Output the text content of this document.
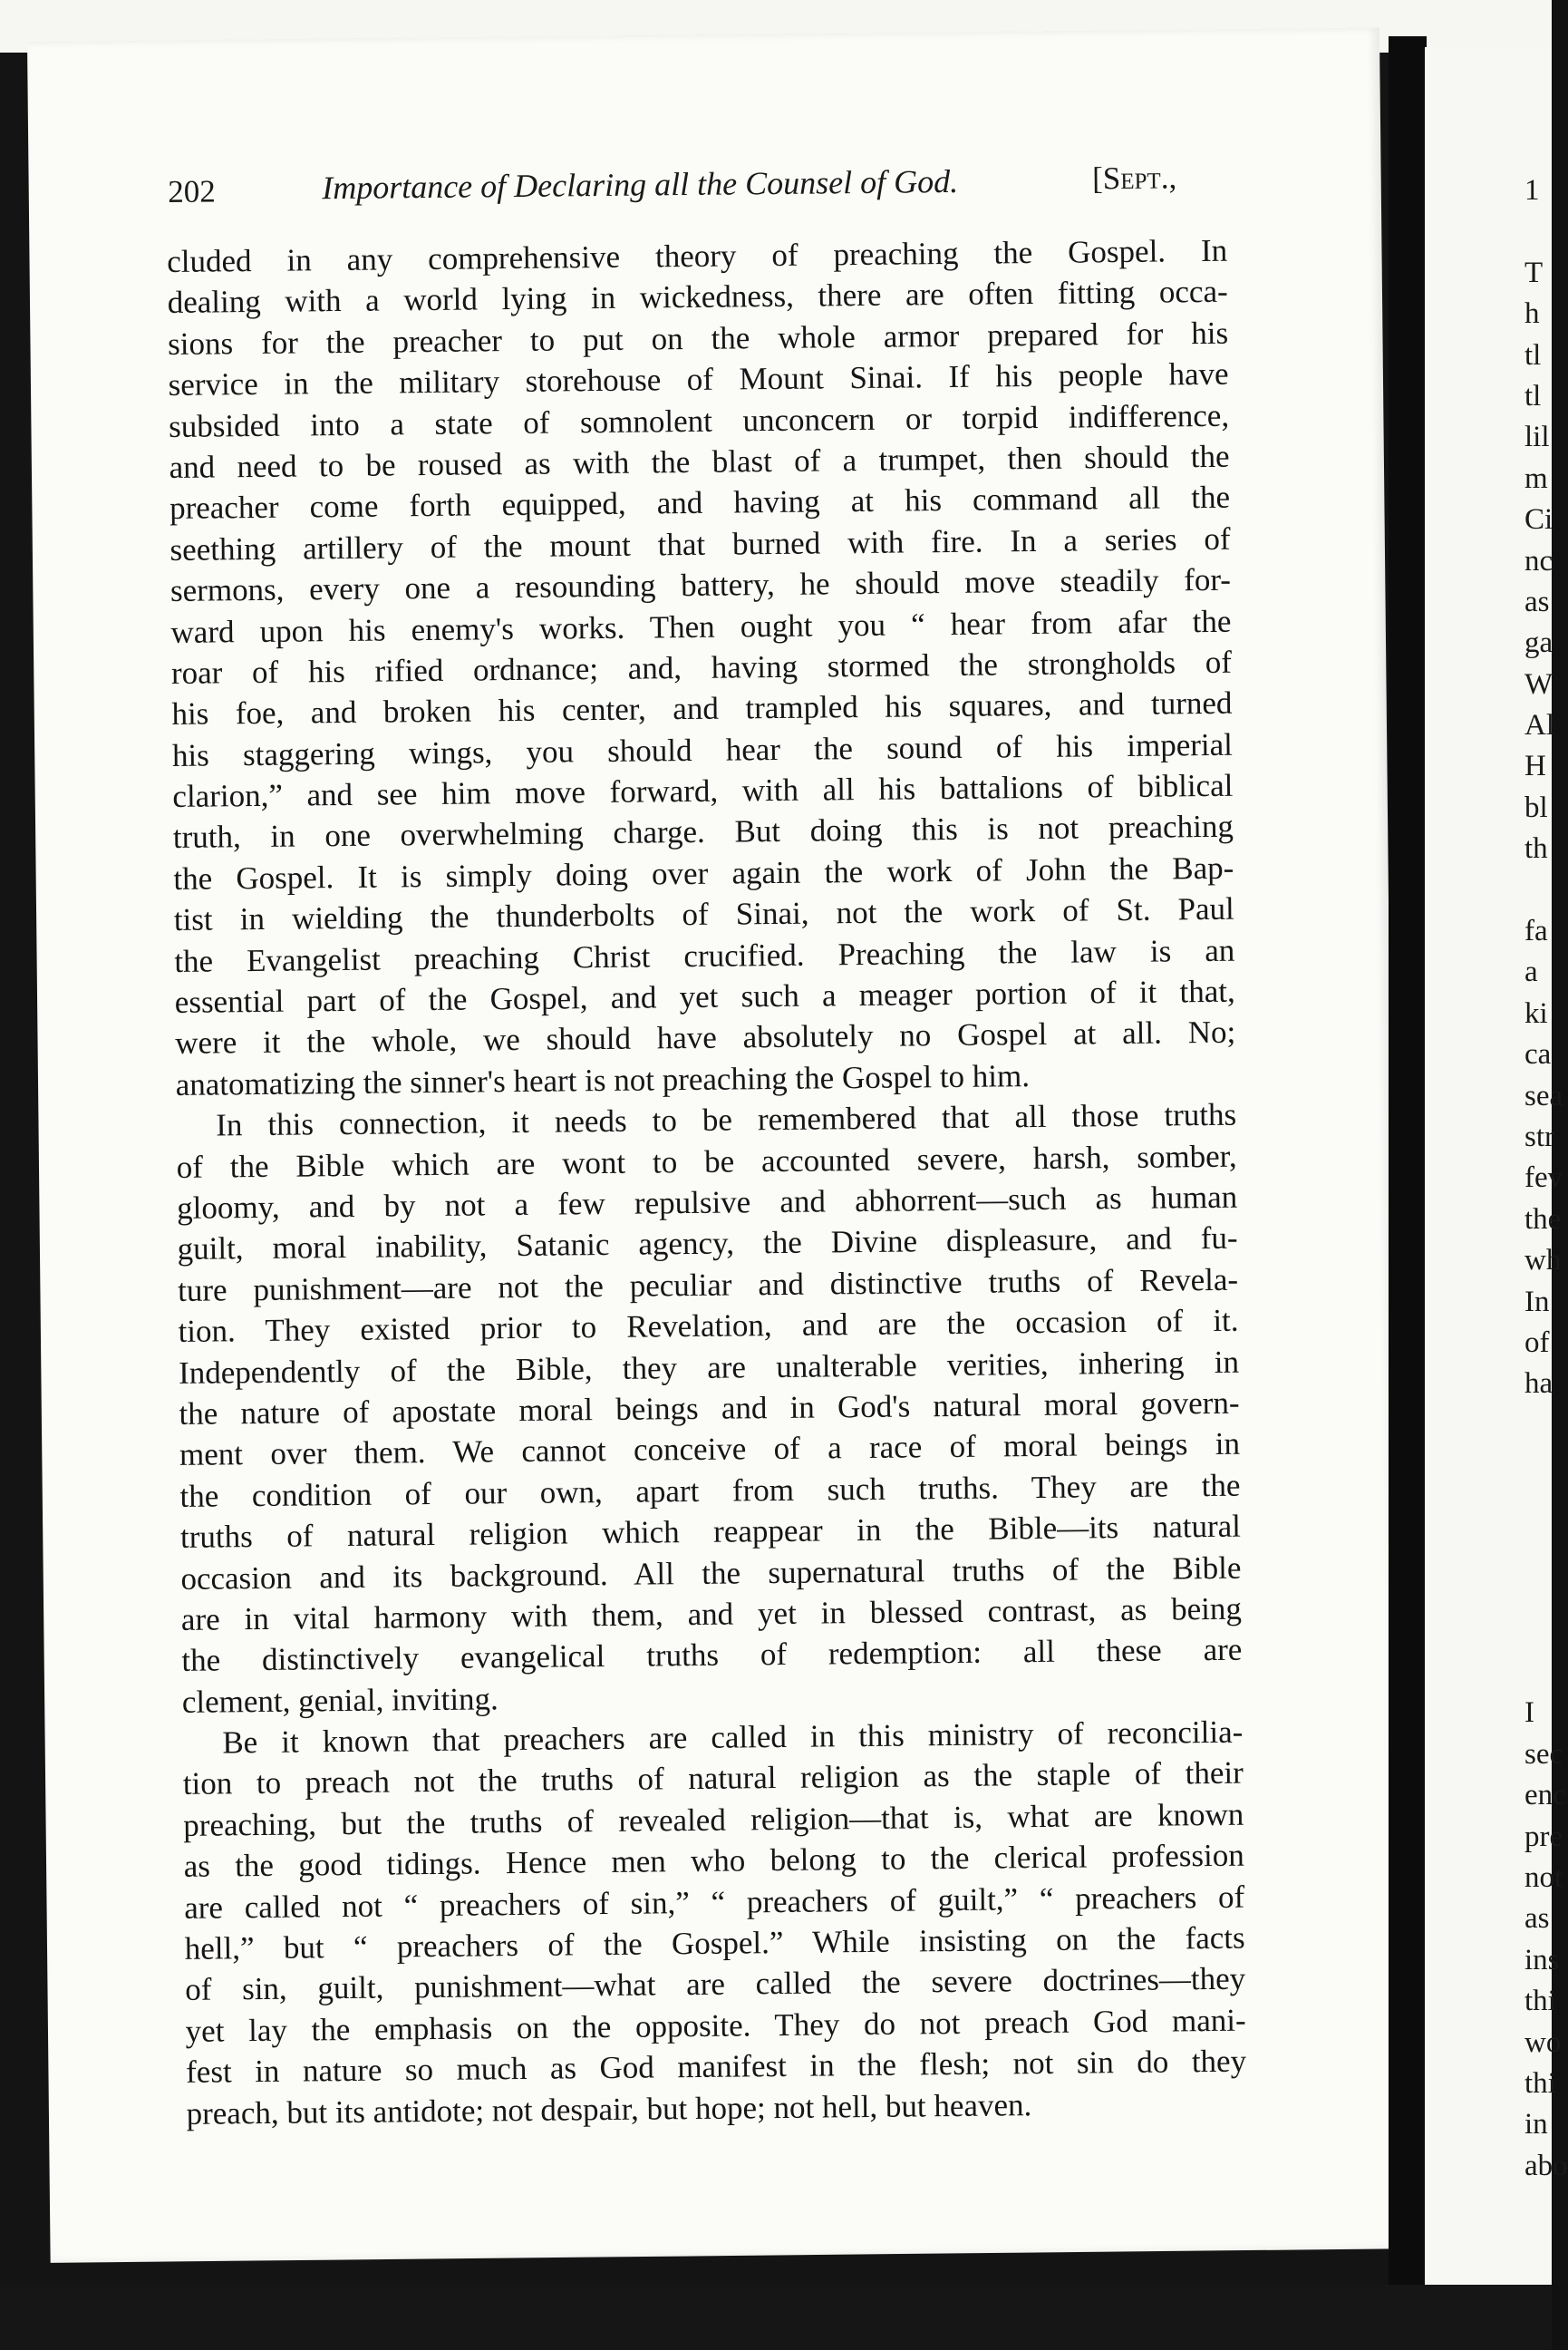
202	Importance of Declaring all the Counsel of God.	[Sept.,
cluded in any comprehensive theory of preaching the Gospel. In
dealing with a world lying in wickedness, there are often fitting occa-
sions for the preacher to put on the whole armor prepared for his
service in the military storehouse of Mount Sinai. If his people have
subsided into a state of somnolent unconcern or torpid indifference,
and need to be roused as with the blast of a trumpet, then should the
preacher come forth equipped, and having at his command all the
seething artillery of the mount that burned with fire. In a series of
sermons, every one a resounding battery, he should move steadily for-
ward upon his enemy's works. Then ought you “ hear from afar the
roar of his rified ordnance; and, having stormed the strongholds of
his foe, and broken his center, and trampled his squares, and turned
his staggering wings, you should hear the sound of his imperial
clarion,” and see him move forward, with all his battalions of biblical
truth, in one overwhelming charge. But doing this is not preaching
the Gospel. It is simply doing over again the work of John the Bap-
tist in wielding the thunderbolts of Sinai, not the work of St. Paul
the Evangelist preaching Christ crucified. Preaching the law is an
essential part of the Gospel, and yet such a meager portion of it that,
were it the whole, we should have absolutely no Gospel at all. No;
anatomatizing the sinner's heart is not preaching the Gospel to him.
In this connection, it needs to be remembered that all those truths
of the Bible which are wont to be accounted severe, harsh, somber,
gloomy, and by not a few repulsive and abhorrent—such as human
guilt, moral inability, Satanic agency, the Divine displeasure, and fu-
ture punishment—are not the peculiar and distinctive truths of Revela-
tion. They existed prior to Revelation, and are the occasion of it.
Independently of the Bible, they are unalterable verities, inhering in
the nature of apostate moral beings and in God's natural moral govern-
ment over them. We cannot conceive of a race of moral beings in
the condition of our own, apart from such truths. They are the
truths of natural religion which reappear in the Bible—its natural
occasion and its background. All the supernatural truths of the Bible
are in vital harmony with them, and yet in blessed contrast, as being
the distinctively evangelical truths of redemption: all these are
clement, genial, inviting.
Be it known that preachers are called in this ministry of reconcilia-
tion to preach not the truths of natural religion as the staple of their
preaching, but the truths of revealed religion—that is, what are known
as the good tidings. Hence men who belong to the clerical profession
are called not “ preachers of sin,” “ preachers of guilt,” “ preachers of
hell,” but “ preachers of the Gospel.” While insisting on the facts
of sin, guilt, punishment—what are called the severe doctrines—they
yet lay the emphasis on the opposite. They do not preach God mani-
fest in nature so much as God manifest in the flesh; not sin do they
preach, but its antidote; not despair, but hope; not hell, but heaven.
1
T
h
tl
tl
lil
m
Ci
nc
as
ga
W
Al
H
bl
th
fa
a
ki
ca
sea
str
fev
the
wh
In
of
ha
I
sec
enc
pre
not
as
ins
thi
wo
thi
in
abo
